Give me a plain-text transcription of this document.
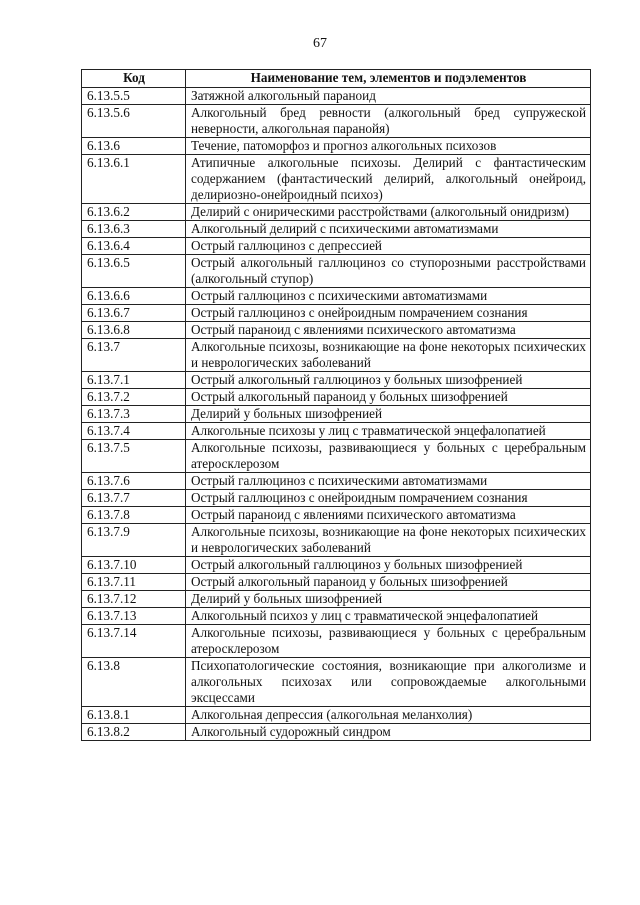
67
Код	Наименование тем, элементов и подэлементов
6.13.5.5	Затяжной алкогольный параноид
6.13.5.6	Алкогольный бред ревности (алкогольный бред супружеской неверности, алкогольная паранойя)
6.13.6	Течение, патоморфоз и прогноз алкогольных психозов
6.13.6.1	Атипичные алкогольные психозы. Делирий с фантастическим содержанием (фантастический делирий, алкогольный онейроид, делириозно-онейроидный психоз)
6.13.6.2	Делирий с онирическими расстройствами (алкогольный онидризм)
6.13.6.3	Алкогольный делирий с психическими автоматизмами
6.13.6.4	Острый галлюциноз с депрессией
6.13.6.5	Острый алкогольный галлюциноз со ступорозными расстройствами (алкогольный ступор)
6.13.6.6	Острый галлюциноз с психическими автоматизмами
6.13.6.7	Острый галлюциноз с онейроидным помрачением сознания
6.13.6.8	Острый параноид с явлениями психического автоматизма
6.13.7	Алкогольные психозы, возникающие на фоне некоторых психических и неврологических заболеваний
6.13.7.1	Острый алкогольный галлюциноз у больных шизофренией
6.13.7.2	Острый алкогольный параноид у больных шизофренией
6.13.7.3	Делирий у больных шизофренией
6.13.7.4	Алкогольные психозы у лиц с травматической энцефалопатией
6.13.7.5	Алкогольные психозы, развивающиеся у больных с церебральным атеросклерозом
6.13.7.6	Острый галлюциноз с психическими автоматизмами
6.13.7.7	Острый галлюциноз с онейроидным помрачением сознания
6.13.7.8	Острый параноид с явлениями психического автоматизма
6.13.7.9	Алкогольные психозы, возникающие на фоне некоторых психических и неврологических заболеваний
6.13.7.10	Острый алкогольный галлюциноз у больных шизофренией
6.13.7.11	Острый алкогольный параноид у больных шизофренией
6.13.7.12	Делирий у больных шизофренией
6.13.7.13	Алкогольный психоз у лиц с травматической энцефалопатией
6.13.7.14	Алкогольные психозы, развивающиеся у больных с церебральным атеросклерозом
6.13.8	Психопатологические состояния, возникающие при алкоголизме и алкогольных психозах или сопровождаемые алкогольными эксцессами
6.13.8.1	Алкогольная депрессия (алкогольная меланхолия)
6.13.8.2	Алкогольный судорожный синдром
